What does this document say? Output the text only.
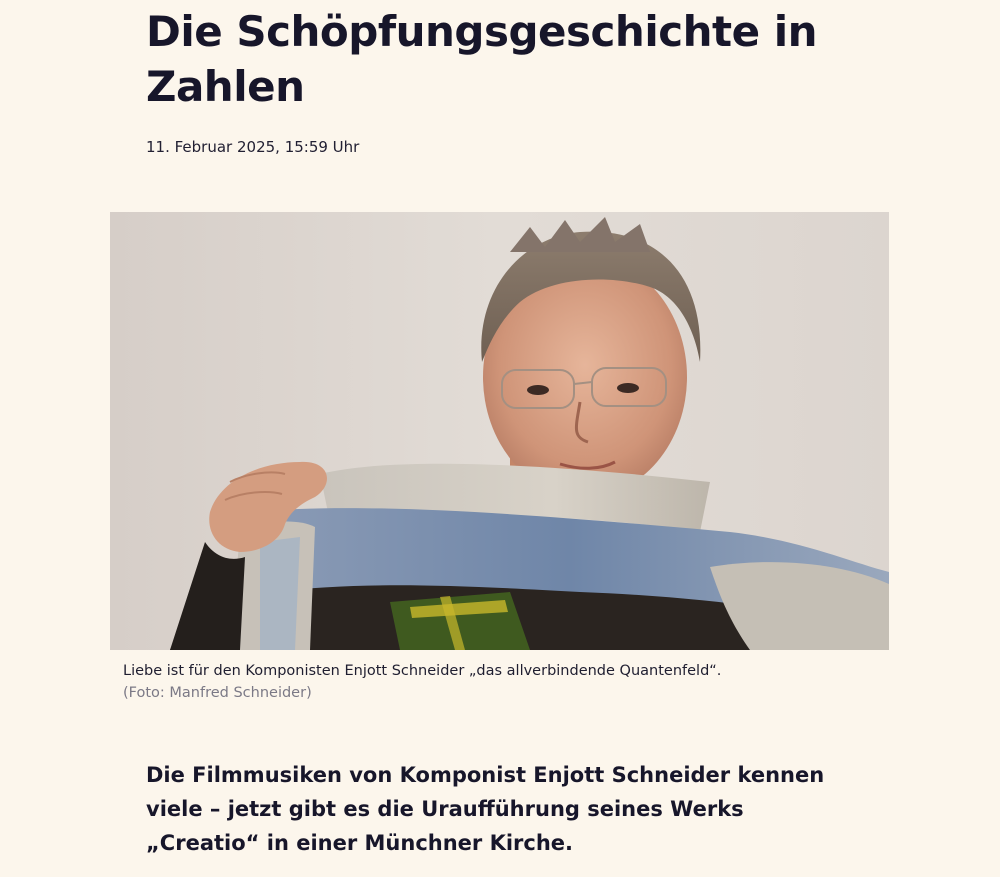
Die Schöpfungsgeschichte in Zahlen
11. Februar 2025, 15:59 Uhr
Liebe ist für den Komponisten Enjott Schneider „das allverbindende Quantenfeld“.
(Foto: Manfred Schneider)

Die Filmmusiken von Komponist Enjott Schneider kennen viele – jetzt gibt es die Uraufführung seines Werks „Creatio“ in einer Münchner Kirche.
